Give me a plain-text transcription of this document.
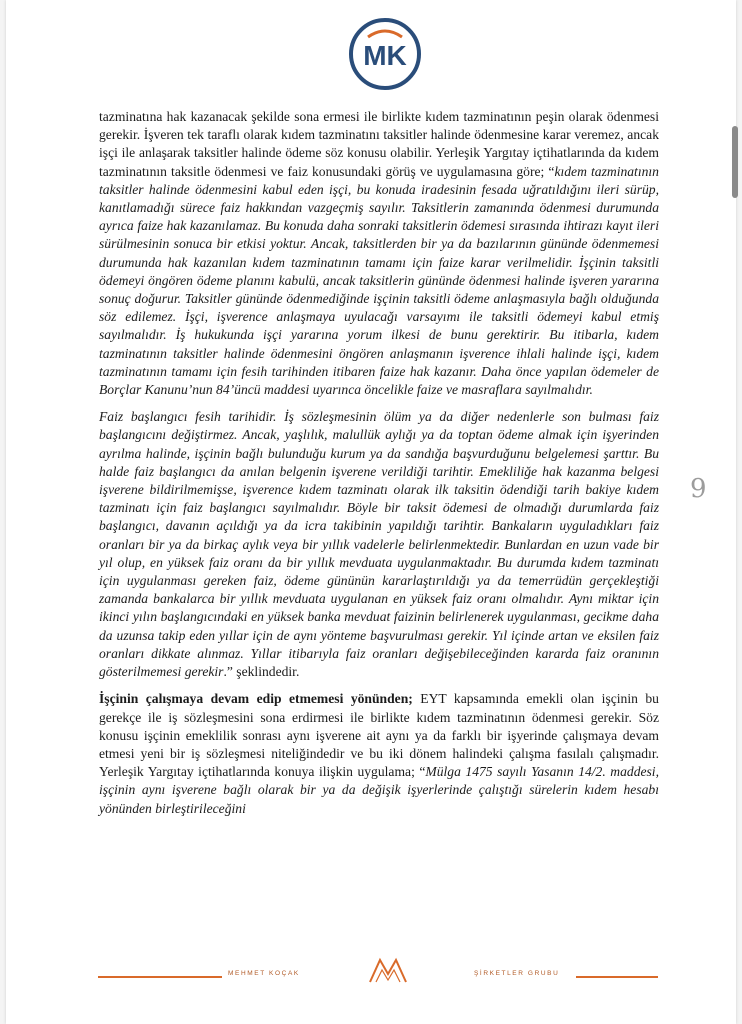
MK

tazminatına hak kazanacak şekilde sona ermesi ile birlikte kıdem tazminatının peşin olarak ödenmesi gerekir. İşveren tek taraflı olarak kıdem tazminatını taksitler halinde ödenmesine karar veremez, ancak işçi ile anlaşarak taksitler halinde ödeme söz konusu olabilir. Yerleşik Yargıtay içtihatlarında da kıdem tazminatının taksitle ödenmesi ve faiz konusundaki görüş ve uygulamasına göre; “kıdem tazminatının taksitler halinde ödenmesini kabul eden işçi, bu konuda iradesinin fesada uğratıldığını ileri sürüp, kanıtlamadığı sürece faiz hakkından vazgeçmiş sayılır. Taksitlerin zamanında ödenmesi durumunda ayrıca faize hak kazanılamaz. Bu konuda daha sonraki taksitlerin ödemesi sırasında ihtirazı kayıt ileri sürülmesinin sonuca bir etkisi yoktur. Ancak, taksitlerden bir ya da bazılarının gününde ödenmemesi durumunda hak kazanılan kıdem tazminatının tamamı için faize karar verilmelidir. İşçinin taksitli ödemeyi öngören ödeme planını kabulü, ancak taksitlerin gününde ödenmesi halinde işveren yararına sonuç doğurur. Taksitler gününde ödenmediğinde işçinin taksitli ödeme anlaşmasıyla bağlı olduğunda söz edilemez. İşçi, işverence anlaşmaya uyulacağı varsayımı ile taksitli ödemeyi kabul etmiş sayılmalıdır. İş hukukunda işçi yararına yorum ilkesi de bunu gerektirir. Bu itibarla, kıdem tazminatının taksitler halinde ödenmesini öngören anlaşmanın işverence ihlali halinde işçi, kıdem tazminatının tamamı için fesih tarihinden itibaren faize hak kazanır. Daha önce yapılan ödemeler de Borçlar Kanunu’nun 84’üncü maddesi uyarınca öncelikle faize ve masraflara sayılmalıdır.

Faiz başlangıcı fesih tarihidir. İş sözleşmesinin ölüm ya da diğer nedenlerle son bulması faiz başlangıcını değiştirmez. Ancak, yaşlılık, malullük aylığı ya da toptan ödeme almak için işyerinden ayrılma halinde, işçinin bağlı bulunduğu kurum ya da sandığa başvurduğunu belgelemesi şarttır. Bu halde faiz başlangıcı da anılan belgenin işverene verildiği tarihtir. Emekliliğe hak kazanma belgesi işverene bildirilmemişse, işverence kıdem tazminatı olarak ilk taksitin ödendiği tarih bakiye kıdem tazminatı için faiz başlangıcı sayılmalıdır. Böyle bir taksit ödemesi de olmadığı durumlarda faiz başlangıcı, davanın açıldığı ya da icra takibinin yapıldığı tarihtir. Bankaların uyguladıkları faiz oranları bir ya da birkaç aylık veya bir yıllık vadelerle belirlenmektedir. Bunlardan en uzun vade bir yıl olup, en yüksek faiz oranı da bir yıllık mevduata uygulanmaktadır. Bu durumda kıdem tazminatı için uygulanması gereken faiz, ödeme gününün kararlaştırıldığı ya da temerrüdün gerçekleştiği zamanda bankalarca bir yıllık mevduata uygulanan en yüksek faiz oranı olmalıdır. Aynı miktar için ikinci yılın başlangıcındaki en yüksek banka mevduat faizinin belirlenerek uygulanması, gecikme daha da uzunsa takip eden yıllar için de aynı yönteme başvurulması gerekir. Yıl içinde artan ve eksilen faiz oranları dikkate alınmaz. Yıllar itibarıyla faiz oranları değişebileceğinden kararda faiz oranının gösterilmemesi gerekir.” şeklindedir.

İşçinin çalışmaya devam edip etmemesi yönünden; EYT kapsamında emekli olan işçinin bu gerekçe ile iş sözleşmesini sona erdirmesi ile birlikte kıdem tazminatının ödenmesi gerekir. Söz konusu işçinin emeklilik sonrası aynı işverene ait aynı ya da farklı bir işyerinde çalışmaya devam etmesi yeni bir iş sözleşmesi niteliğindedir ve bu iki dönem halindeki çalışma fasılalı çalışmadır. Yerleşik Yargıtay içtihatlarında konuya ilişkin uygulama; “Mülga 1475 sayılı Yasanın 14/2. maddesi, işçinin aynı işverene bağlı olarak bir ya da değişik işyerlerinde çalıştığı sürelerin kıdem hesabı yönünden birleştirileceğini

9
MEHMET KOÇAK	ŞİRKETLER GRUBU
